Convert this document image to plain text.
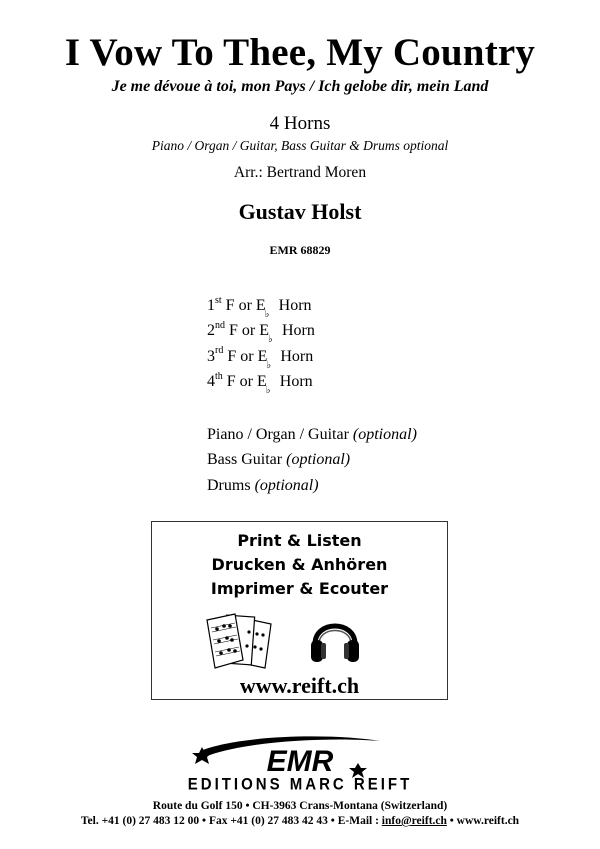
I Vow To Thee, My Country
Je me dévoue à toi, mon Pays / Ich gelobe dir, mein Land
4 Horns
Piano / Organ / Guitar, Bass Guitar & Drums optional
Arr.: Bertrand Moren
Gustav Holst
EMR 68829
1st F or E
♭
Horn
2nd F or E
♭
Horn
3rd F or E
♭
Horn
4th F or E
♭
Horn
Piano / Organ / Guitar (optional)
Bass Guitar (optional)
Drums (optional)
Print & Listen
Drucken & Anhören
Imprimer & Ecouter
www.reift.ch
EMR
EDITIONS MARC REIFT
Route du Golf 150 • CH-3963 Crans-Montana (Switzerland)
Tel. +41 (0) 27 483 12 00 • Fax +41 (0) 27 483 42 43 • E-Mail : info@reift.ch • www.reift.ch
